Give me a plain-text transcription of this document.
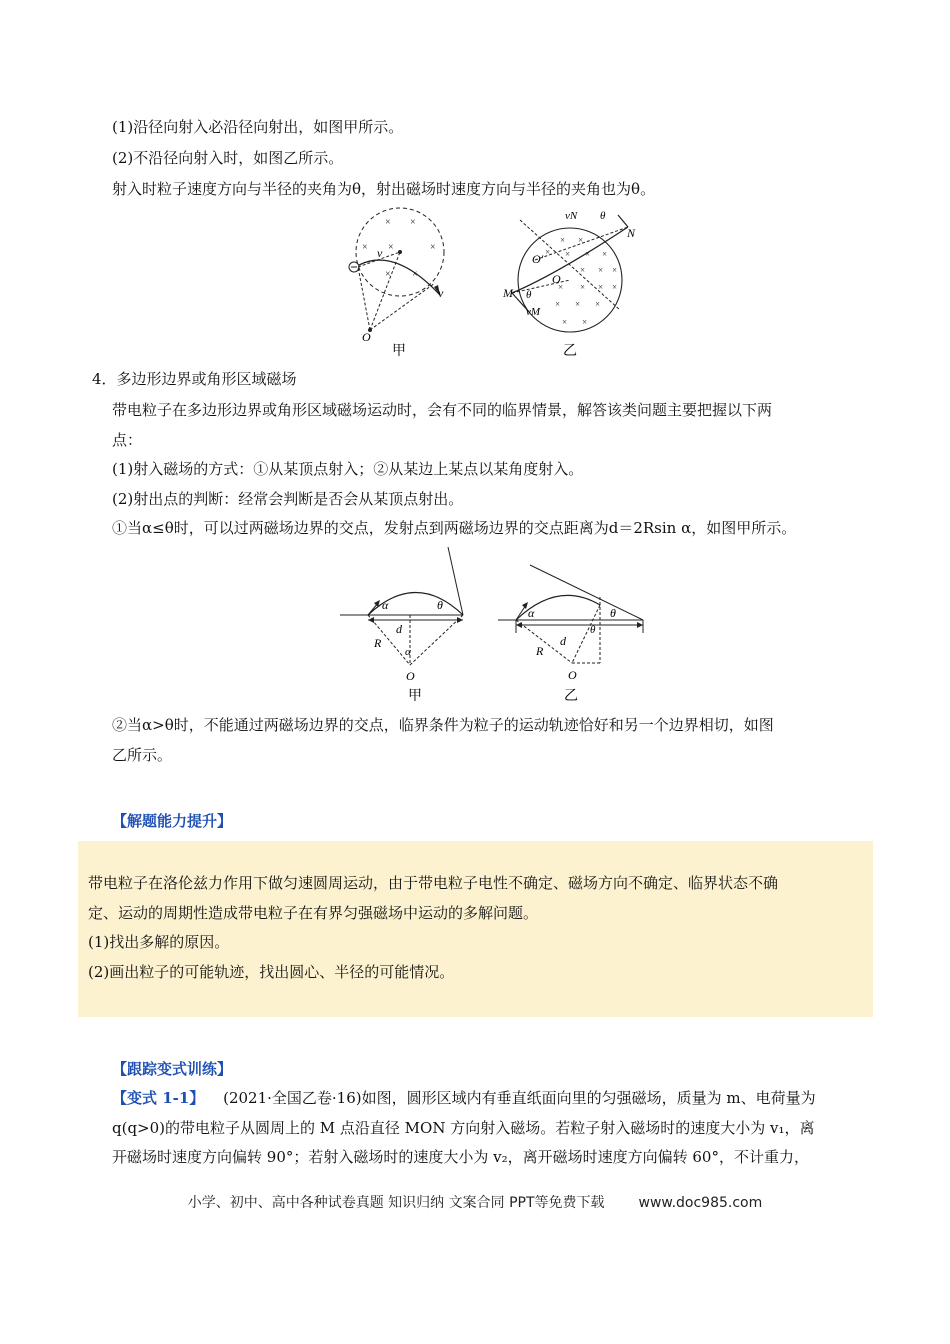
(1)沿径向射入必沿径向射出，如图甲所示。
(2)不沿径向射入时，如图乙所示。
射入时粒子速度方向与半径的夹角为θ，射出磁场时速度方向与半径的夹角也为θ。
× ×
×	×
× ×
×
v
v
O
甲
× ×
× × × ×
× × ×
× × × ×
× × ×
× ×
vN θ
N
O′
O
M θ
vM
乙
4．多边形边界或角形区域磁场
带电粒子在多边形边界或角形区域磁场运动时，会有不同的临界情景，解答该类问题主要把握以下两
点：
(1)射入磁场的方式：①从某顶点射入；②从某边上某点以某角度射入。
(2)射出点的判断：经常会判断是否会从某顶点射出。
①当α≤θ时，可以过两磁场边界的交点，发射点到两磁场边界的交点距离为d＝2Rsin α，如图甲所示。
α	θ
d
R
α
O
甲
α	θ
θ
d
R
O
乙
②当α>θ时，不能通过两磁场边界的交点，临界条件为粒子的运动轨迹恰好和另一个边界相切，如图
乙所示。
【解题能力提升】
带电粒子在洛伦兹力作用下做匀速圆周运动，由于带电粒子电性不确定、磁场方向不确定、临界状态不确
定、运动的周期性造成带电粒子在有界匀强磁场中运动的多解问题。
(1)找出多解的原因。
(2)画出粒子的可能轨迹，找出圆心、半径的可能情况。
【跟踪变式训练】
【变式 1-1】 (2021·全国乙卷·16)如图，圆形区域内有垂直纸面向里的匀强磁场，质量为 m、电荷量为
q(q>0)的带电粒子从圆周上的 M 点沿直径 MON 方向射入磁场。若粒子射入磁场时的速度大小为 v₁，离
开磁场时速度方向偏转 90°；若射入磁场时的速度大小为 v₂，离开磁场时速度方向偏转 60°，不计重力，
小学、初中、高中各种试卷真题 知识归纳 文案合同 PPT等免费下载 www.doc985.com
